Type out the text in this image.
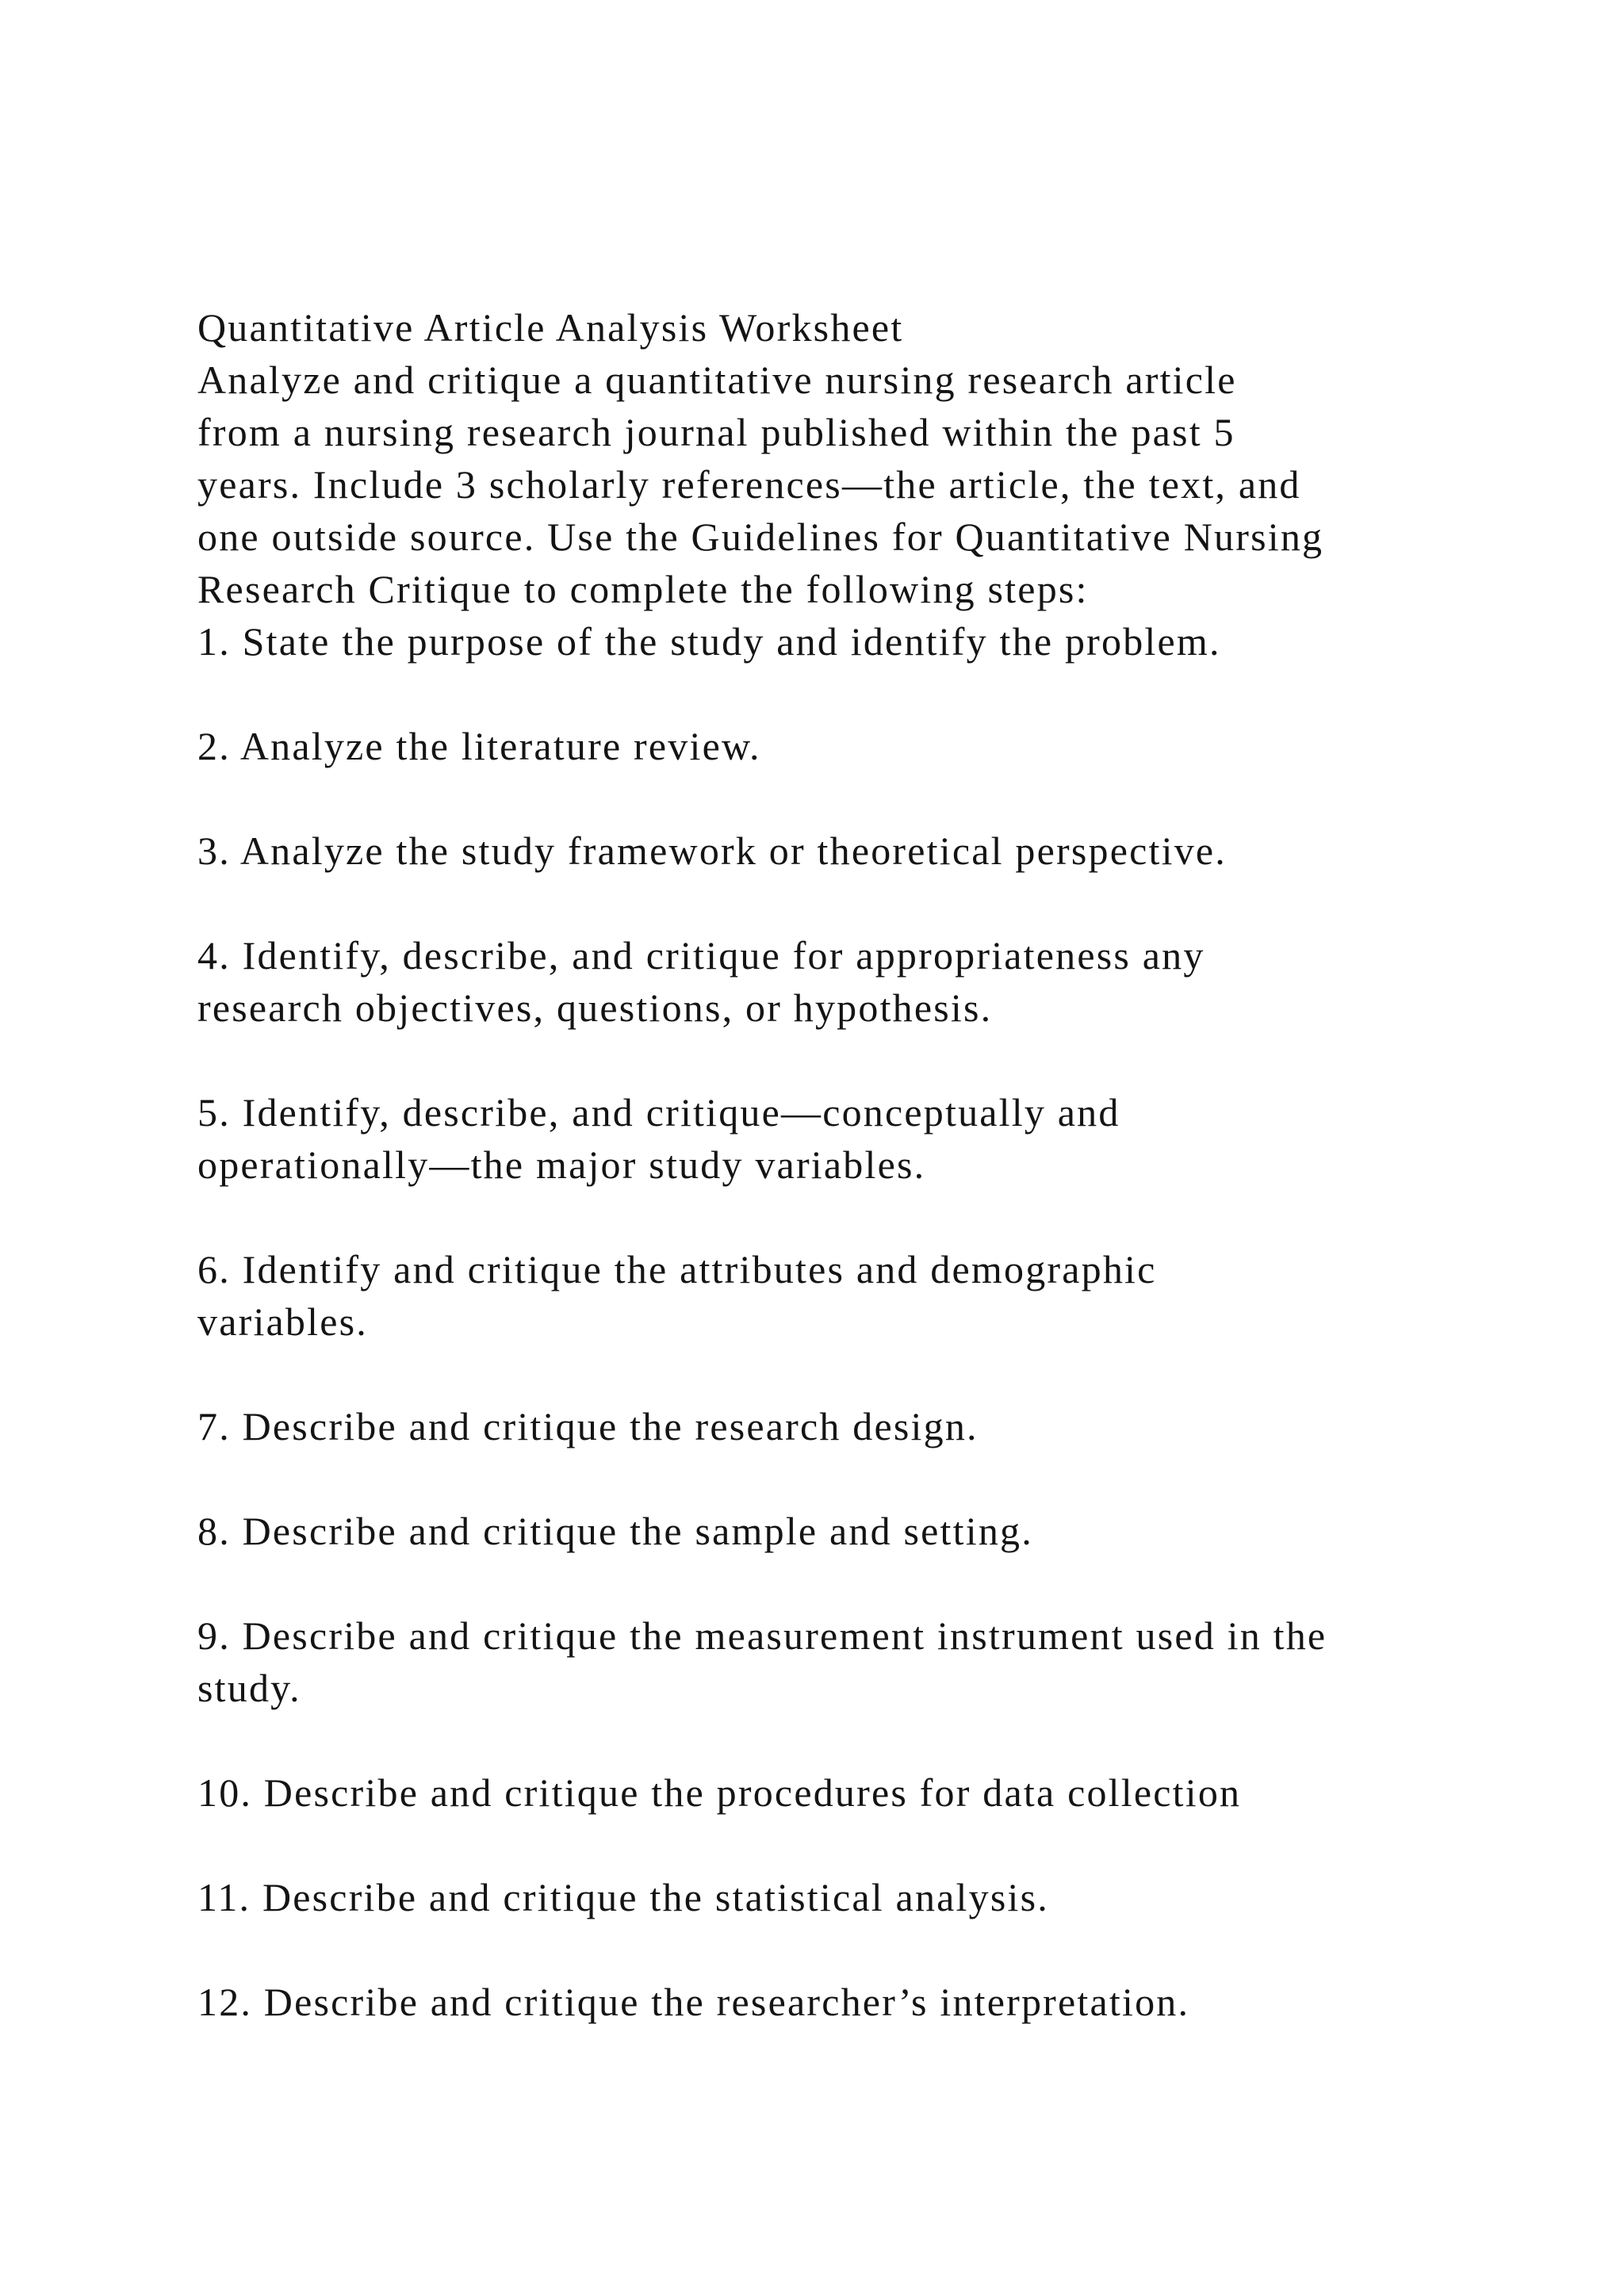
Quantitative Article Analysis Worksheet
Analyze and critique a quantitative nursing research article
from a nursing research journal published within the past 5
years. Include 3 scholarly references—the article, the text, and
one outside source. Use the Guidelines for Quantitative Nursing
Research Critique to complete the following steps:
1. State the purpose of the study and identify the problem.
2. Analyze the literature review.
3. Analyze the study framework or theoretical perspective.
4. Identify, describe, and critique for appropriateness any
research objectives, questions, or hypothesis.
5. Identify, describe, and critique—conceptually and
operationally—the major study variables.
6. Identify and critique the attributes and demographic
variables.
7. Describe and critique the research design.
8. Describe and critique the sample and setting.
9. Describe and critique the measurement instrument used in the
study.
10. Describe and critique the procedures for data collection
11. Describe and critique the statistical analysis.
12. Describe and critique the researcher’s interpretation.
